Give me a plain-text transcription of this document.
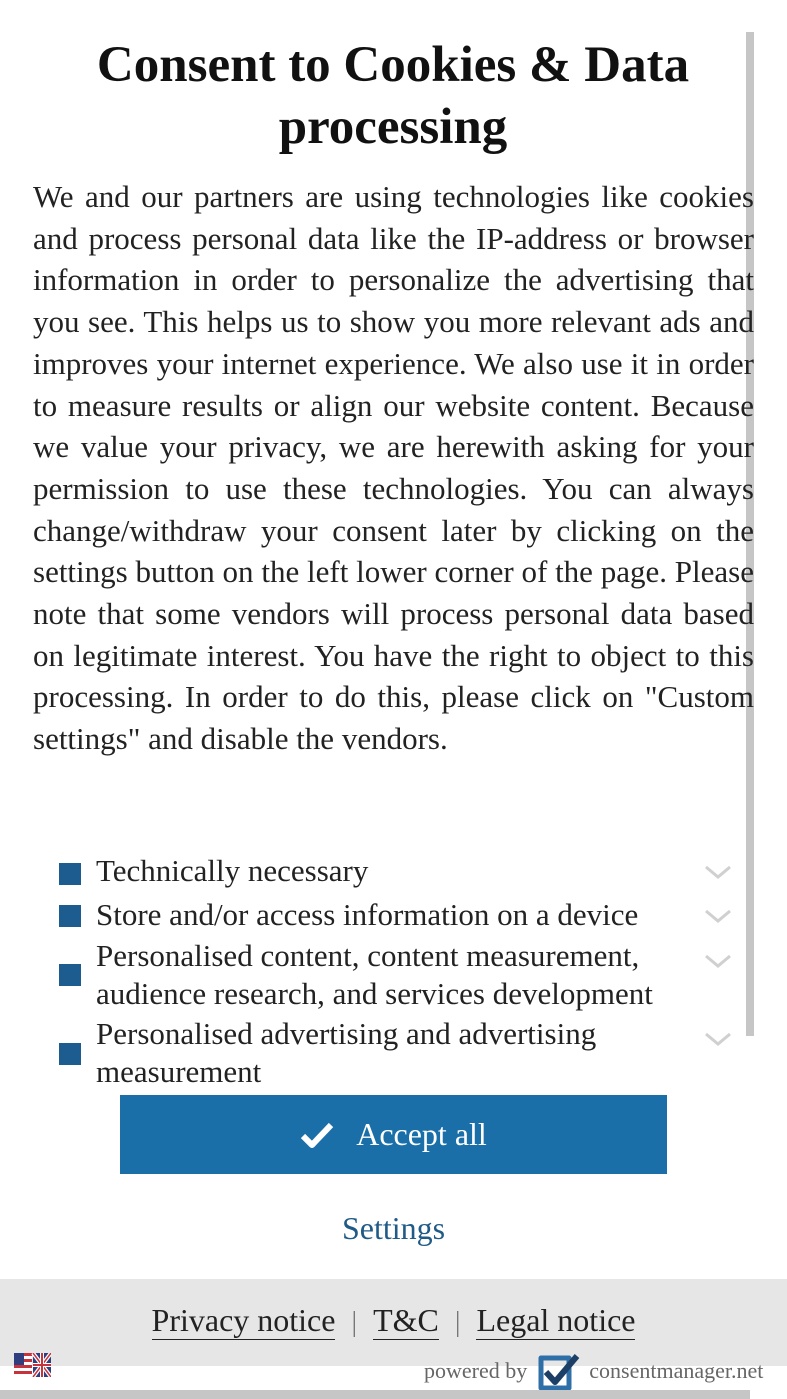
Consent to Cookies & Data processing

We and our partners are using technologies like cookies and process personal data like the IP-address or browser information in order to personalize the advertising that you see. This helps us to show you more relevant ads and improves your internet experience. We also use it in order to measure results or align our website content. Because we value your privacy, we are herewith asking for your permission to use these technologies. You can always change/withdraw your consent later by clicking on the settings button on the left lower corner of the page. Please note that some vendors will process personal data based on legitimate interest. You have the right to object to this processing. In order to do this, please click on "Custom settings" and disable the vendors.

Technically necessary
Store and/or access information on a device
Personalised content, content measurement, audience research, and services development
Personalised advertising and advertising measurement
Accept all
Settings
Privacy notice | T&C | Legal notice
powered by	consentmanager.net
